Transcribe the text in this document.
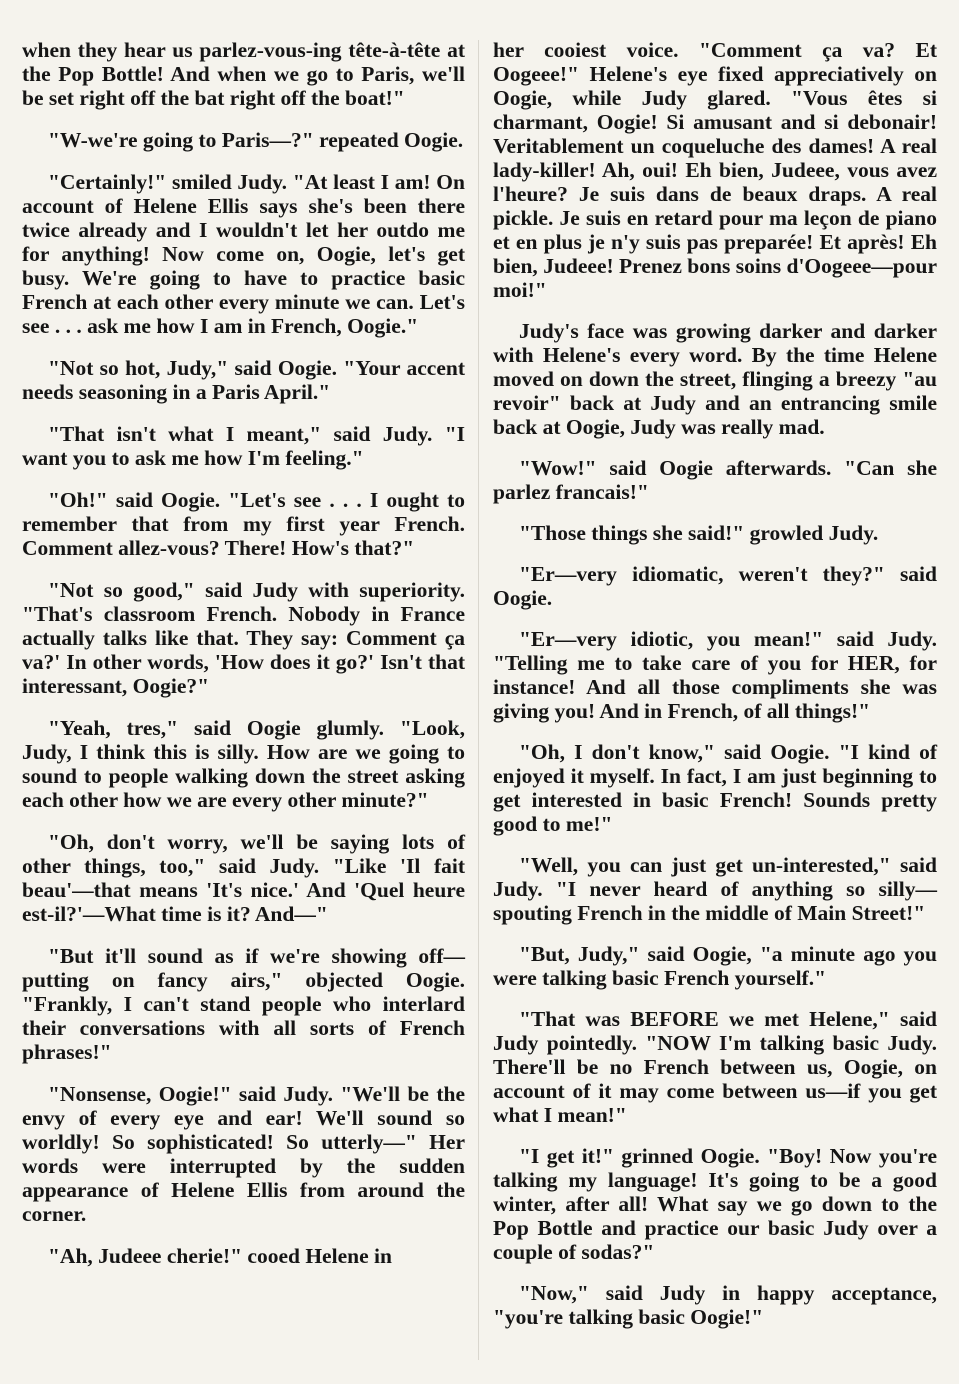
when they hear us parlez-vous-ing tête-à-tête at the Pop Bottle! And when we go to Paris, we'll be set right off the bat right off the boat!"

"W-we're going to Paris—?" repeated Oogie.

"Certainly!" smiled Judy. "At least I am! On account of Helene Ellis says she's been there twice already and I wouldn't let her outdo me for anything! Now come on, Oogie, let's get busy. We're going to have to practice basic French at each other every minute we can. Let's see . . . ask me how I am in French, Oogie."

"Not so hot, Judy," said Oogie. "Your accent needs seasoning in a Paris April."

"That isn't what I meant," said Judy. "I want you to ask me how I'm feeling."

"Oh!" said Oogie. "Let's see . . . I ought to remember that from my first year French. Comment allez-vous? There! How's that?"

"Not so good," said Judy with superiority. "That's classroom French. Nobody in France actually talks like that. They say: Comment ça va?' In other words, 'How does it go?' Isn't that interessant, Oogie?"

"Yeah, tres," said Oogie glumly. "Look, Judy, I think this is silly. How are we going to sound to people walking down the street asking each other how we are every other minute?"

"Oh, don't worry, we'll be saying lots of other things, too," said Judy. "Like 'Il fait beau'—that means 'It's nice.' And 'Quel heure est-il?'—What time is it? And—"

"But it'll sound as if we're showing off—putting on fancy airs," objected Oogie. "Frankly, I can't stand people who interlard their conversations with all sorts of French phrases!"

"Nonsense, Oogie!" said Judy. "We'll be the envy of every eye and ear! We'll sound so worldly! So sophisticated! So utterly—" Her words were interrupted by the sudden appearance of Helene Ellis from around the corner.

"Ah, Judeee cherie!" cooed Helene in

her cooiest voice. "Comment ça va? Et Oogeee!" Helene's eye fixed appreciatively on Oogie, while Judy glared. "Vous êtes si charmant, Oogie! Si amusant and si debonair! Veritablement un coqueluche des dames! A real lady-killer! Ah, oui! Eh bien, Judeee, vous avez l'heure? Je suis dans de beaux draps. A real pickle. Je suis en retard pour ma leçon de piano et en plus je n'y suis pas preparée! Et après! Eh bien, Judeee! Prenez bons soins d'Oogeee—pour moi!"

Judy's face was growing darker and darker with Helene's every word. By the time Helene moved on down the street, flinging a breezy "au revoir" back at Judy and an entrancing smile back at Oogie, Judy was really mad.

"Wow!" said Oogie afterwards. "Can she parlez francais!"

"Those things she said!" growled Judy.

"Er—very idiomatic, weren't they?" said Oogie.

"Er—very idiotic, you mean!" said Judy. "Telling me to take care of you for HER, for instance! And all those compliments she was giving you! And in French, of all things!"

"Oh, I don't know," said Oogie. "I kind of enjoyed it myself. In fact, I am just beginning to get interested in basic French! Sounds pretty good to me!"

"Well, you can just get un-interested," said Judy. "I never heard of anything so silly—spouting French in the middle of Main Street!"

"But, Judy," said Oogie, "a minute ago you were talking basic French yourself."

"That was BEFORE we met Helene," said Judy pointedly. "NOW I'm talking basic Judy. There'll be no French between us, Oogie, on account of it may come between us—if you get what I mean!"

"I get it!" grinned Oogie. "Boy! Now you're talking my language! It's going to be a good winter, after all! What say we go down to the Pop Bottle and practice our basic Judy over a couple of sodas?"

"Now," said Judy in happy acceptance, "you're talking basic Oogie!"
